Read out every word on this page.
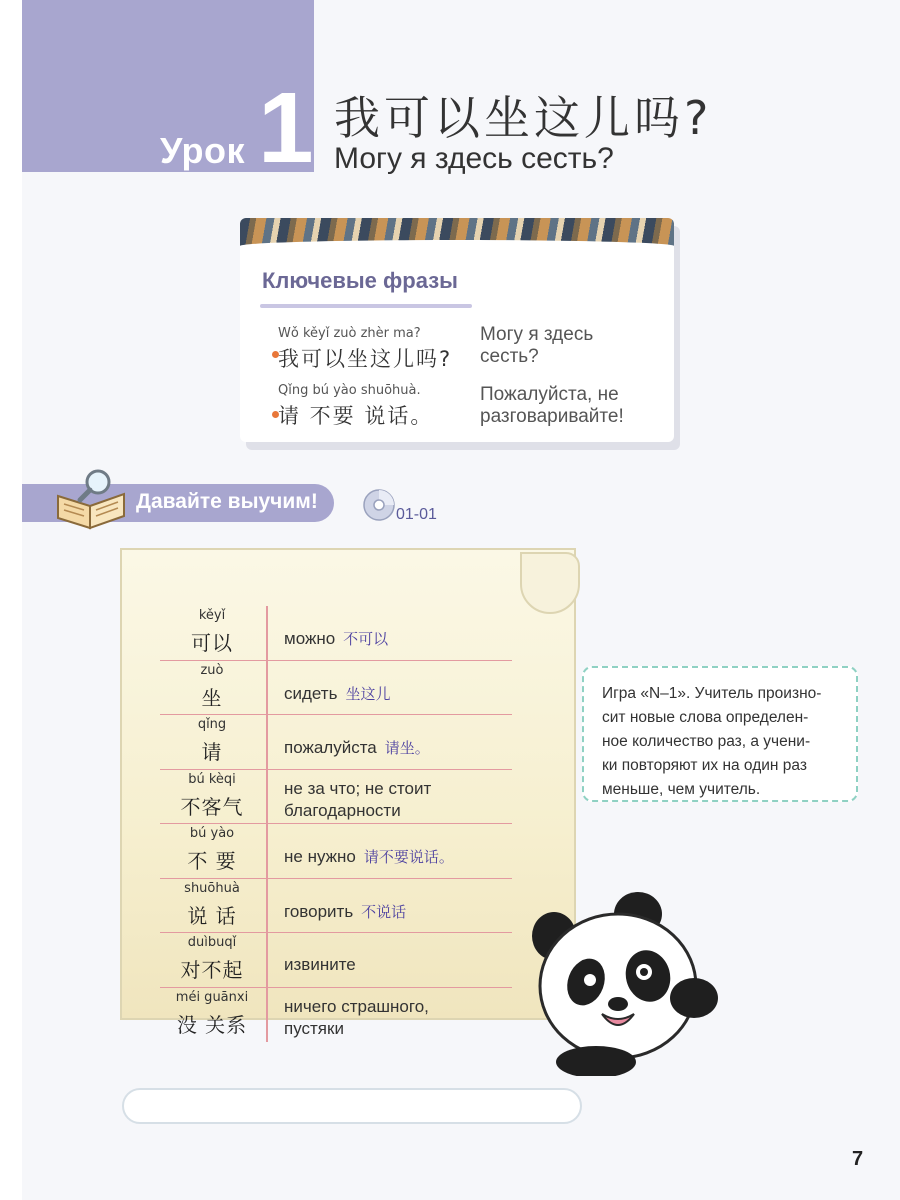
Урок 1 我可以坐这儿吗?
Могу я здесь сесть?
Ключевые фразы
Wǒ kěyǐ zuò zhèr ma?
我可以坐这儿吗?
Могу я здесь
сесть?
Qǐng bú yào shuōhuà.
请 不要 说话。
Пожалуйста, не
разговаривайте!
Давайте выучим!
01-01
kěyǐ
可以	можно 不可以
zuò
坐	сидеть 坐这儿
qǐng
请	пожалуйста 请坐。
bú kèqi
不客气
не за что; не стоит
благодарности
bú yào
不 要	не нужно 请不要说话。
shuōhuà
说 话	говорить 不说话
duìbuqǐ
对不起	извините
méi guānxi
没 关系
ничего страшного,
пустяки
Игра «N–1». Учитель произно-
сит новые слова определен-
ное количество раз, а учени-
ки повторяют их на один раз
меньше, чем учитель.
7
